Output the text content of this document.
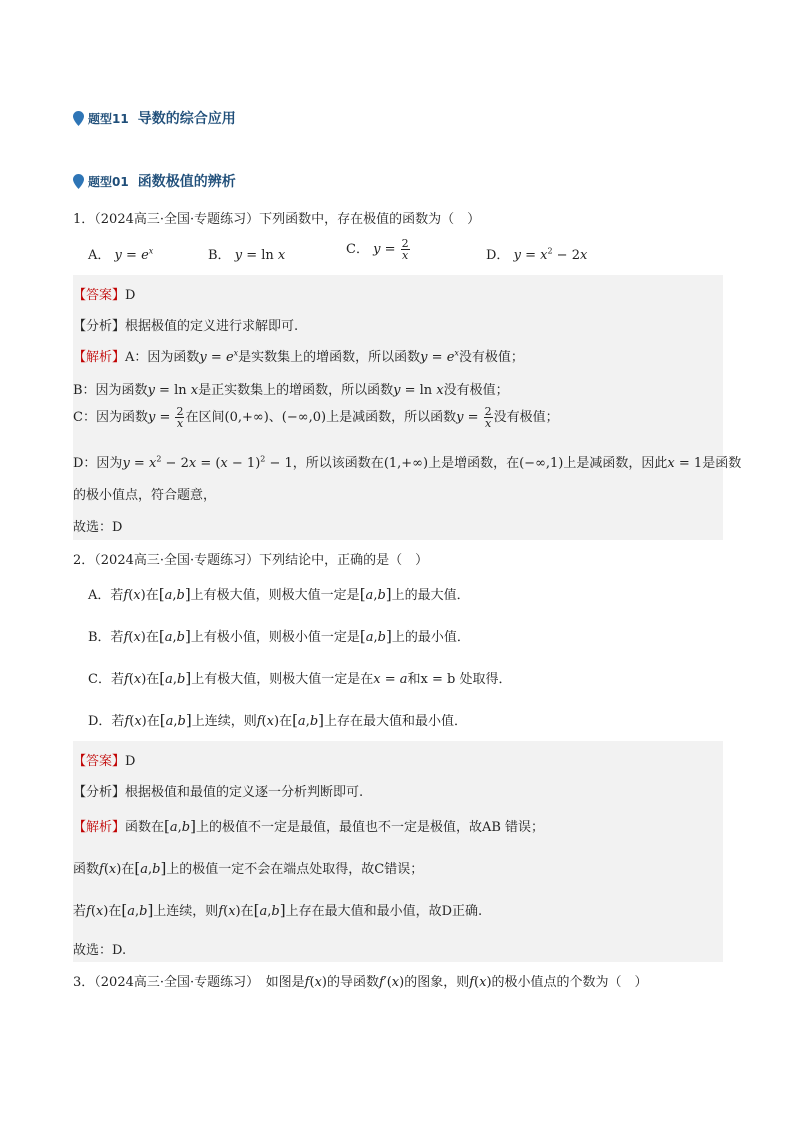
题型11 导数的综合应用
题型01 函数极值的辨析
1．（2024高三·全国·专题练习）下列函数中，存在极值的函数为（　）
A． $y = e^x$	B． y = ln x	C． $y = \frac{2}{x}$	D． $y = x^2 - 2x$
【答案】D
【分析】根据极值的定义进行求解即可.
【解析】A：因为函数$y = e^x$是实数集上的增函数，所以函数$y = e^x$没有极值；
B：因为函数y = ln x是正实数集上的增函数，所以函数y = ln x没有极值；
C：因为函数$y = \frac{2}{x}$ 在区间(0,+∞)、(−∞,0)上是减函数，所以函数$y = \frac{2}{x}$ 没有极值；
D：因为$y = x^2 - 2x = (x - 1)^2 - 1$，所以该函数在(1,+∞)上是增函数，在(−∞,1)上是减函数，因此x = 1是函数
的极小值点，符合题意，
故选：D
2．（2024高三·全国·专题练习）下列结论中，正确的是（　）
A．若f(x)在[a,b]上有极大值，则极大值一定是[a,b]上的最大值．
B．若f(x)在[a,b]上有极小值，则极小值一定是[a,b]上的最小值．
C．若f(x)在[a,b]上有极大值，则极大值一定是在x = a和x = b 处取得．
D．若f(x)在[a,b]上连续，则f(x)在[a,b]上存在最大值和最小值．
【答案】D
【分析】根据极值和最值的定义逐一分析判断即可.
【解析】函数在[a,b]上的极值不一定是最值，最值也不一定是极值，故AB 错误；
函数f(x)在[a,b]上的极值一定不会在端点处取得，故C错误；
若f(x)在[a,b]上连续，则f(x)在[a,b]上存在最大值和最小值，故D正确.
故选：D.
3．（2024高三·全国·专题练习）　如图是f(x)的导函数f′(x)的图象，则f(x)的极小值点的个数为（　）
